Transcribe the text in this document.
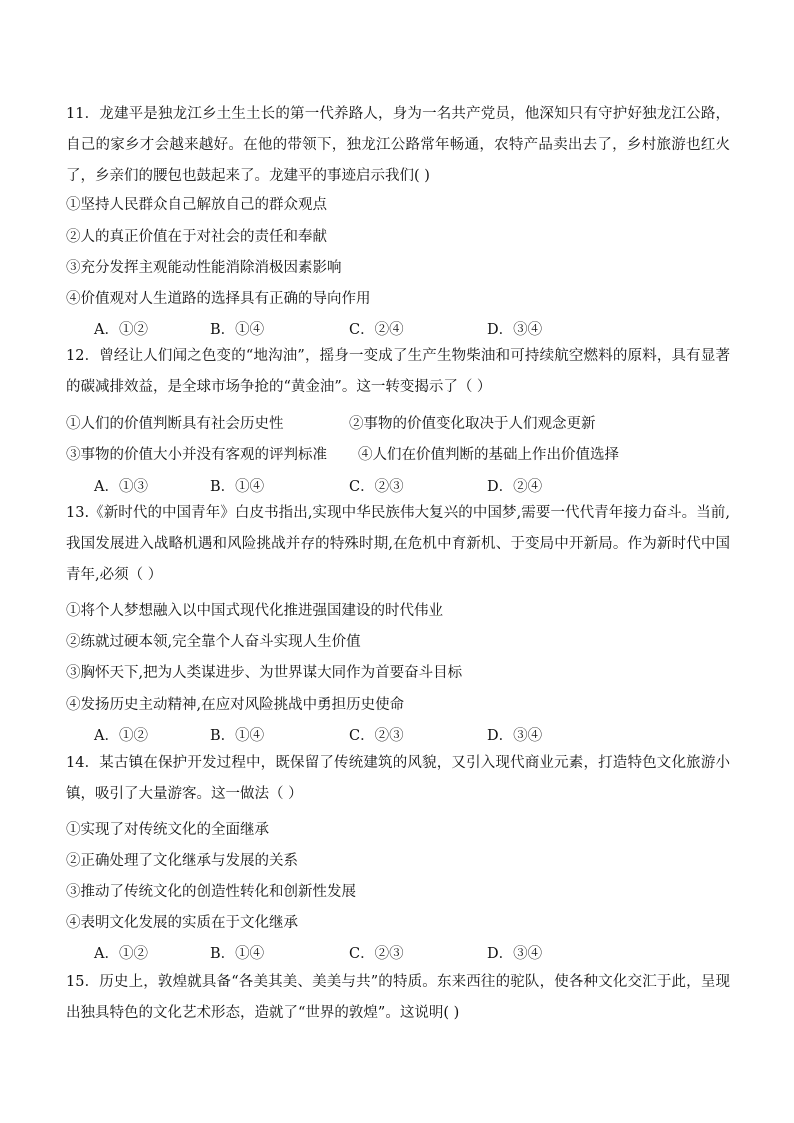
11．龙建平是独龙江乡土生土长的第一代养路人，身为一名共产党员，他深知只有守护好独龙江公路，自己的家乡才会越来越好。在他的带领下，独龙江公路常年畅通，农特产品卖出去了，乡村旅游也红火了，乡亲们的腰包也鼓起来了。龙建平的事迹启示我们( )

①坚持人民群众自己解放自己的群众观点

②人的真正价值在于对社会的责任和奉献

③充分发挥主观能动性能消除消极因素影响

④价值观对人生道路的选择具有正确的导向作用

A．①②	B．①④	C．②④	D．③④

12．曾经让人们闻之色变的“地沟油”，摇身一变成了生产生物柴油和可持续航空燃料的原料，具有显著的碳减排效益，是全球市场争抢的“黄金油”。这一转变揭示了（ ）

①人们的价值判断具有社会历史性	②事物的价值变化取决于人们观念更新

③事物的价值大小并没有客观的评判标准 ④人们在价值判断的基础上作出价值选择

A．①③	B．①④	C．②③	D．②④

13.《新时代的中国青年》白皮书指出,实现中华民族伟大复兴的中国梦,需要一代代青年接力奋斗。当前,我国发展进入战略机遇和风险挑战并存的特殊时期,在危机中育新机、于变局中开新局。作为新时代中国青年,必须（ ）

①将个人梦想融入以中国式现代化推进强国建设的时代伟业

②练就过硬本领,完全靠个人奋斗实现人生价值

③胸怀天下,把为人类谋进步、为世界谋大同作为首要奋斗目标

④发扬历史主动精神,在应对风险挑战中勇担历史使命

A．①②	B．①④	C．②③	D．③④

14．某古镇在保护开发过程中，既保留了传统建筑的风貌，又引入现代商业元素，打造特色文化旅游小镇，吸引了大量游客。这一做法（ ）

①实现了对传统文化的全面继承

②正确处理了文化继承与发展的关系

③推动了传统文化的创造性转化和创新性发展

④表明文化发展的实质在于文化继承

A．①②	B．①④	C．②③	D．③④

15．历史上，敦煌就具备“各美其美、美美与共”的特质。东来西往的驼队，使各种文化交汇于此，呈现出独具特色的文化艺术形态，造就了“世界的敦煌”。这说明( )
